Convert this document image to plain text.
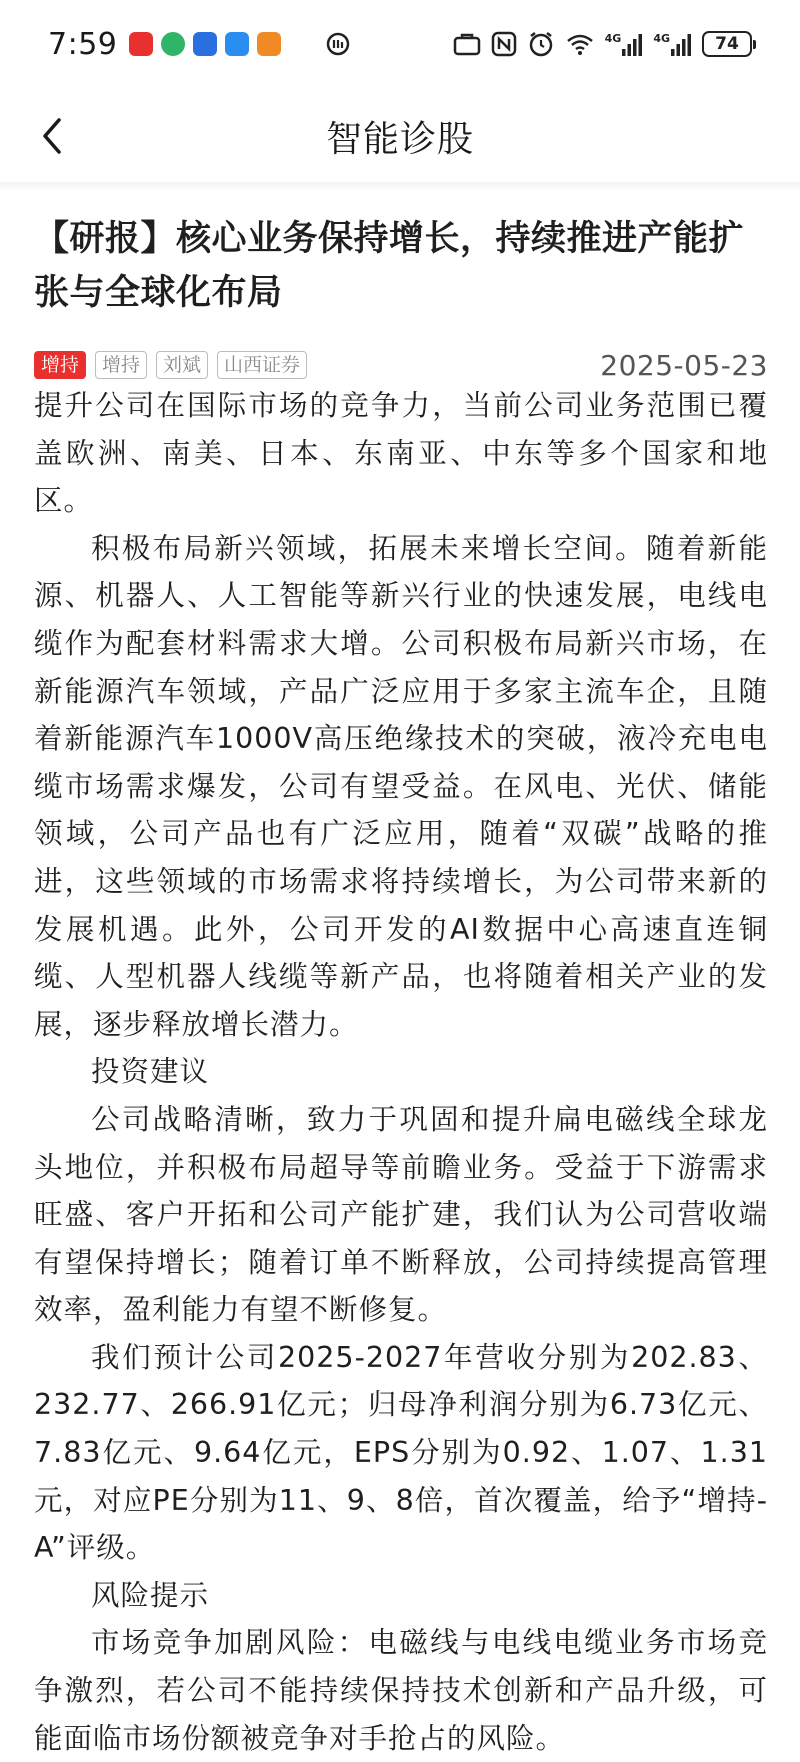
7:59	4G	4G	74
智能诊股
【研报】核心业务保持增长，持续推进产能扩张与全球化布局
增持	增持	刘斌	山西证券	2025-05-23

提升公司在国际市场的竞争力，当前公司业务范围已覆盖欧洲、南美、日本、东南亚、中东等多个国家和地区。

积极布局新兴领域，拓展未来增长空间。随着新能源、机器人、人工智能等新兴行业的快速发展，电线电缆作为配套材料需求大增。公司积极布局新兴市场，在新能源汽车领域，产品广泛应用于多家主流车企，且随着新能源汽车1000V高压绝缘技术的突破，液冷充电电缆市场需求爆发，公司有望受益。在风电、光伏、储能领域，公司产品也有广泛应用，随着“双碳”战略的推进，这些领域的市场需求将持续增长，为公司带来新的发展机遇。此外，公司开发的AI数据中心高速直连铜缆、人型机器人线缆等新产品，也将随着相关产业的发展，逐步释放增长潜力。

投资建议

公司战略清晰，致力于巩固和提升扁电磁线全球龙头地位，并积极布局超导等前瞻业务。受益于下游需求旺盛、客户开拓和公司产能扩建，我们认为公司营收端有望保持增长；随着订单不断释放，公司持续提高管理效率，盈利能力有望不断修复。

我们预计公司2025-2027年营收分别为202.83、232.77、266.91亿元；归母净利润分别为6.73亿元、7.83亿元、9.64亿元，EPS分别为0.92、1.07、1.31元，对应PE分别为11、9、8倍，首次覆盖，给予“增持-A”评级。

风险提示

市场竞争加剧风险：电磁线与电线电缆业务市场竞争激烈，若公司不能持续保持技术创新和产品升级，可能面临市场份额被竞争对手抢占的风险。
